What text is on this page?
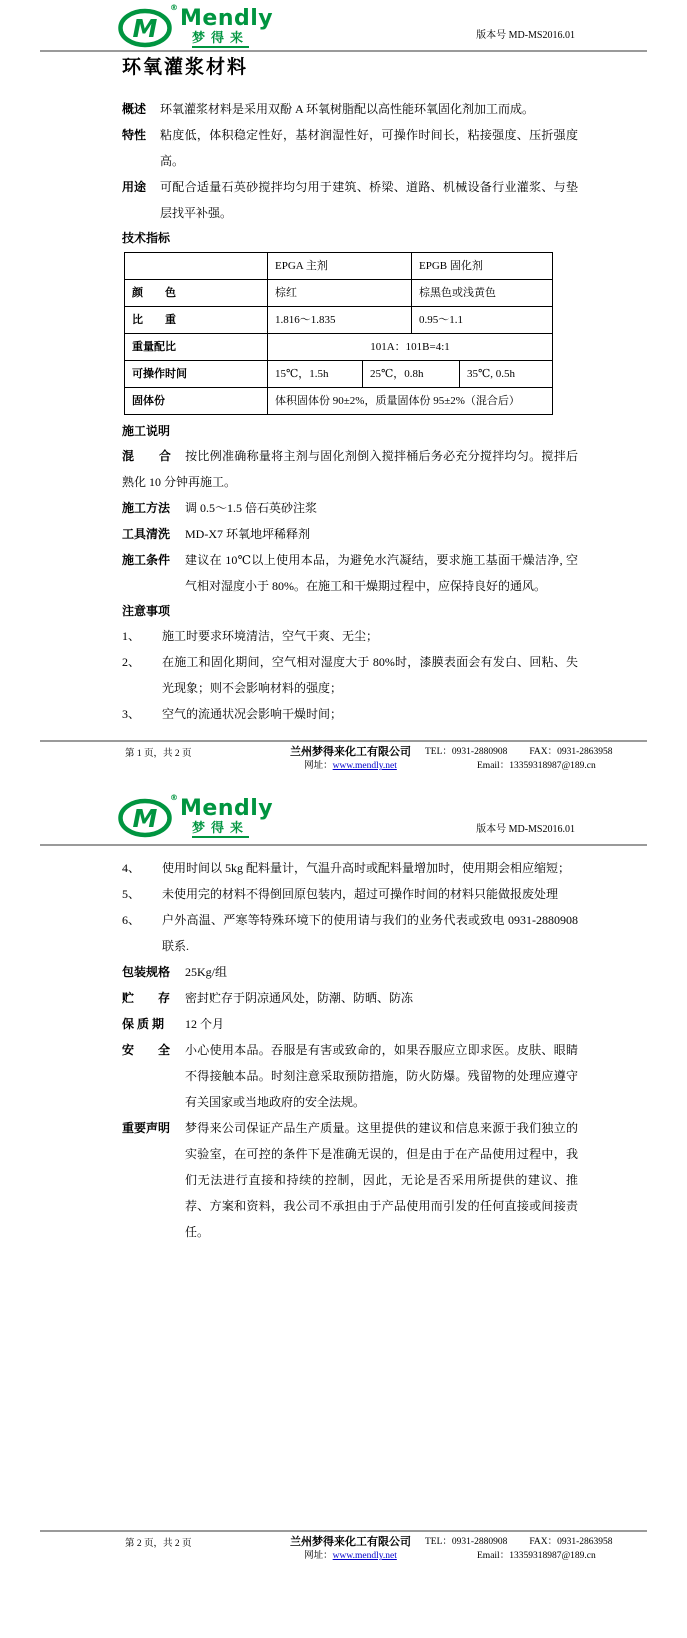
M
® Mendly
梦得来	版本号 MD-MS2016.01
环氧灌浆材料
概述	环氧灌浆材料是采用双酚 A 环氧树脂配以高性能环氧固化剂加工而成。
特性	粘度低，体积稳定性好，基材润湿性好，可操作时间长，粘接强度、压折强度高。
用途	可配合适量石英砂搅拌均匀用于建筑、桥梁、道路、机械设备行业灌浆、与垫层找平补强。
技术指标
	EPGA 主剂		EPGB 固化剂	
颜　　色	棕红		棕黑色或浅黄色	
比　　重	1.816～1.835		0.95～1.1	
重量配比	101A：101B=4:1			
可操作时间	15℃，1.5h	25℃，0.8h		35℃, 0.5h
固体份	体积固体份 90±2%，质量固体份 95±2%（混合后）			
施工说明
混　　合 按比例准确称量将主剂与固化剂倒入搅拌桶后务必充分搅拌均匀。搅拌后熟化 10 分钟再施工。
施工方法	调 0.5～1.5 倍石英砂注浆
工具清洗	MD-X7 环氧地坪稀释剂
施工条件	建议在 10℃以上使用本品，为避免水汽凝结，要求施工基面干燥洁净, 空气相对湿度小于 80%。在施工和干燥期过程中，应保持良好的通风。
注意事项
1、	施工时要求环境清洁，空气干爽、无尘；
2、	在施工和固化期间，空气相对湿度大于 80%时，漆膜表面会有发白、回粘、失光现象；则不会影响材料的强度；
3、	空气的流通状况会影响干燥时间；
第 1 页，共 2 页	兰州梦得来化工有限公司
网址：www.mendly.net
TEL：0931-2880908 FAX：0931-2863958
Email：13359318987@189.cn
M
® Mendly
梦得来	版本号 MD-MS2016.01
4、	使用时间以 5kg 配料量计，气温升高时或配料量增加时，使用期会相应缩短；
5、	未使用完的材料不得倒回原包装内，超过可操作时间的材料只能做报废处理
6、	户外高温、严寒等特殊环境下的使用请与我们的业务代表或致电 0931-2880908 联系.
包装规格	25Kg/组
贮　　存	密封贮存于阴凉通风处，防潮、防晒、防冻
保 质 期	12 个月
安　　全	小心使用本品。吞服是有害或致命的，如果吞服应立即求医。皮肤、眼睛不得接触本品。时刻注意采取预防措施，防火防爆。残留物的处理应遵守有关国家或当地政府的安全法规。
重要声明	梦得来公司保证产品生产质量。这里提供的建议和信息来源于我们独立的实验室，在可控的条件下是准确无误的，但是由于在产品使用过程中，我们无法进行直接和持续的控制，因此，无论是否采用所提供的建议、推荐、方案和资料，我公司不承担由于产品使用而引发的任何直接或间接责任。
第 2 页，共 2 页	兰州梦得来化工有限公司
网址：www.mendly.net
TEL：0931-2880908 FAX：0931-2863958
Email：13359318987@189.cn
